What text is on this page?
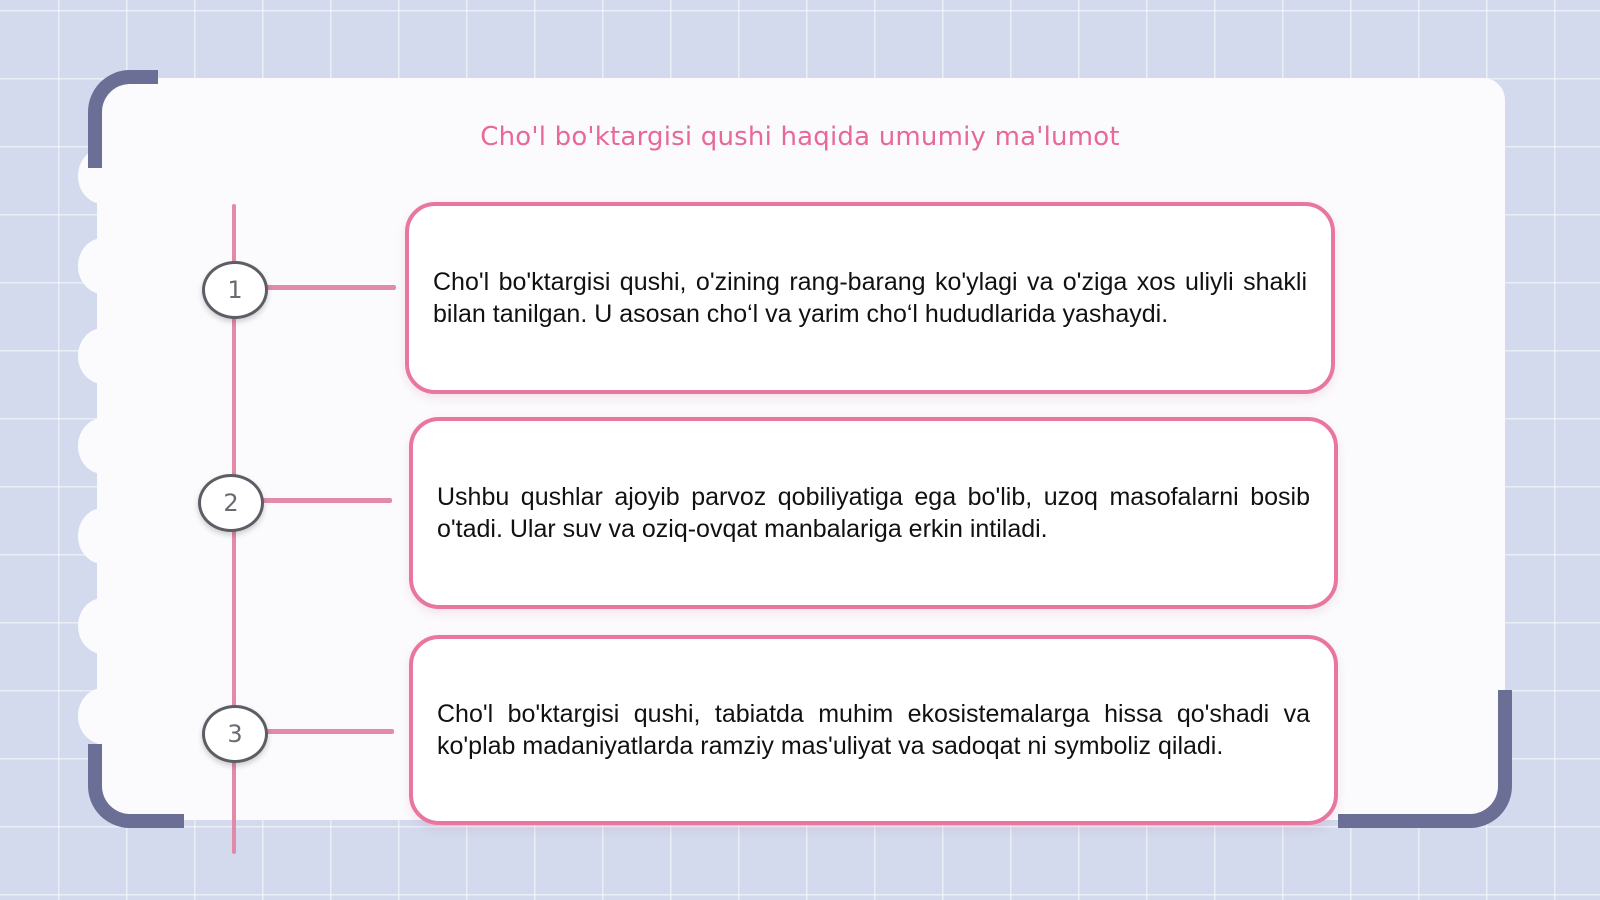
Cho'l bo'ktargisi qushi haqida umumiy ma'lumot
1
2
3
Cho'l bo'ktargisi qushi, o'zining rang-barang ko'ylagi va o'ziga xos uliyli shakli bilan tanilgan. U asosan cho‘l va yarim cho‘l hududlarida yashaydi.
Ushbu qushlar ajoyib parvoz qobiliyatiga ega bo'lib, uzoq masofalarni bosib o'tadi. Ular suv va oziq-ovqat manbalariga erkin intiladi.
Cho'l bo'ktargisi qushi, tabiatda muhim ekosistemalarga hissa qo'shadi va ko'plab madaniyatlarda ramziy mas'uliyat va sadoqat ni symboliz qiladi.
